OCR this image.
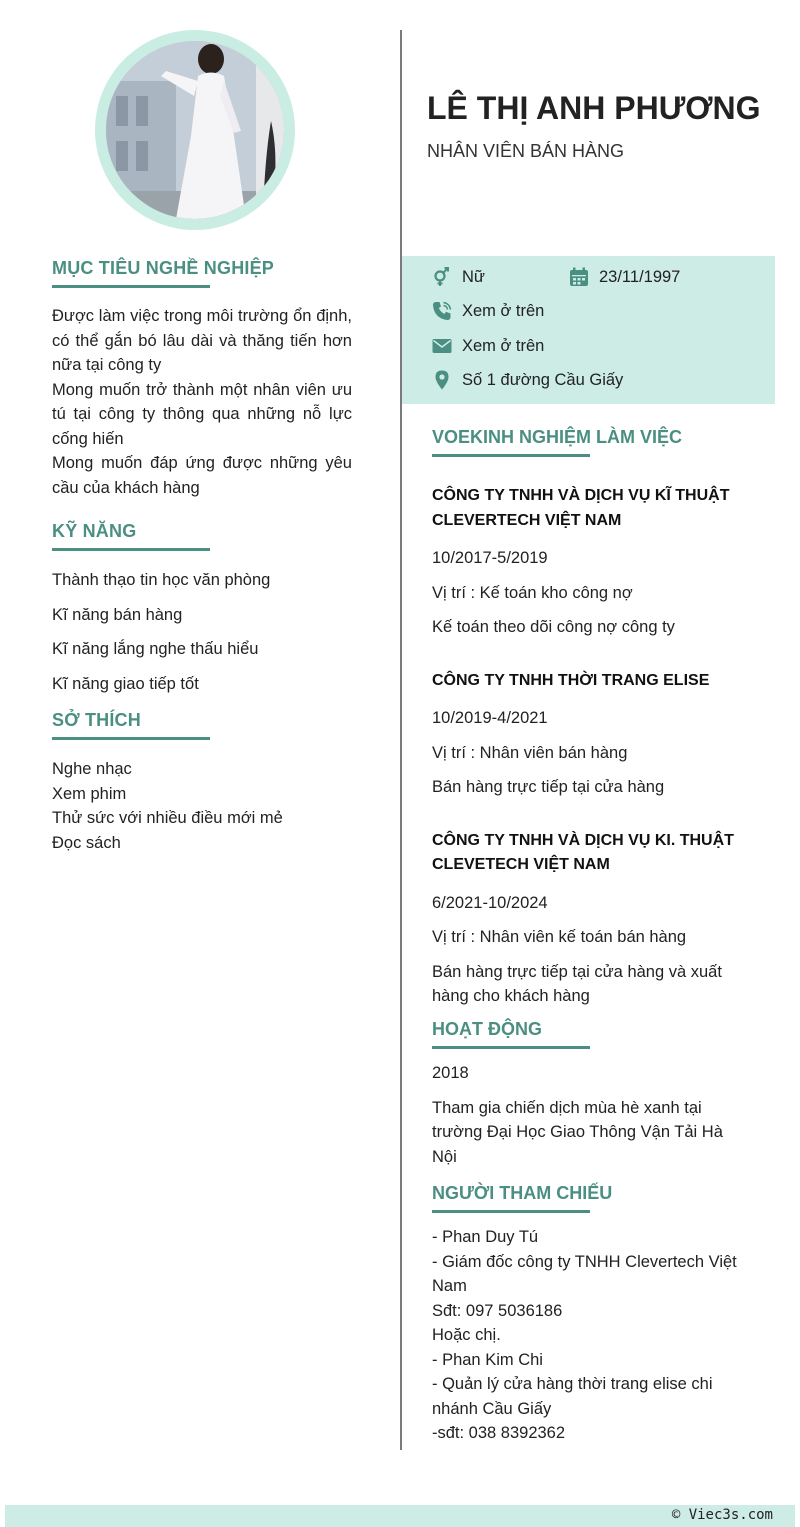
MỤC TIÊU NGHỀ NGHIỆP

Được làm việc trong môi trường ổn định, có thể gắn bó lâu dài và thăng tiến hơn nữa tại công ty

Mong muốn trở thành một nhân viên ưu tú tại công ty thông qua những nỗ lực cống hiến

Mong muốn đáp ứng được những yêu cầu của khách hàng

KỸ NĂNG

Thành thạo tin học văn phòng

Kĩ năng bán hàng

Kĩ năng lắng nghe thấu hiểu

Kĩ năng giao tiếp tốt

SỞ THÍCH

Nghe nhạc

Xem phim

Thử sức với nhiều điều mới mẻ

Đọc sách

LÊ THỊ ANH PHƯƠNG

NHÂN VIÊN BÁN HÀNG

Nữ	23/11/1997
Xem ở trên
Xem ở trên
Số 1 đường Cầu Giấy
VOEKINH NGHIỆM LÀM VIỆC

CÔNG TY TNHH VÀ DỊCH VỤ KĨ THUẬT CLEVERTECH VIỆT NAM

10/2017-5/2019

Vị trí : Kế toán kho công nợ

Kế toán theo dõi công nợ công ty

CÔNG TY TNHH THỜI TRANG ELISE

10/2019-4/2021

Vị trí : Nhân viên bán hàng

Bán hàng trực tiếp tại cửa hàng

CÔNG TY TNHH VÀ DỊCH VỤ KI. THUẬT CLEVETECH VIỆT NAM

6/2021-10/2024

Vị trí : Nhân viên kế toán bán hàng

Bán hàng trực tiếp tại cửa hàng và xuất hàng cho khách hàng

HOẠT ĐỘNG

2018

Tham gia chiến dịch mùa hè xanh tại trường Đại Học Giao Thông Vận Tải Hà Nội

NGƯỜI THAM CHIẾU

- Phan Duy Tú

- Giám đốc công ty TNHH Clevertech Việt Nam

Sđt: 097 5036186

Hoặc chị.

- Phan Kim Chi

- Quản lý cửa hàng thời trang elise chi nhánh Cầu Giấy

-sđt: 038 8392362

© Viec3s.com
